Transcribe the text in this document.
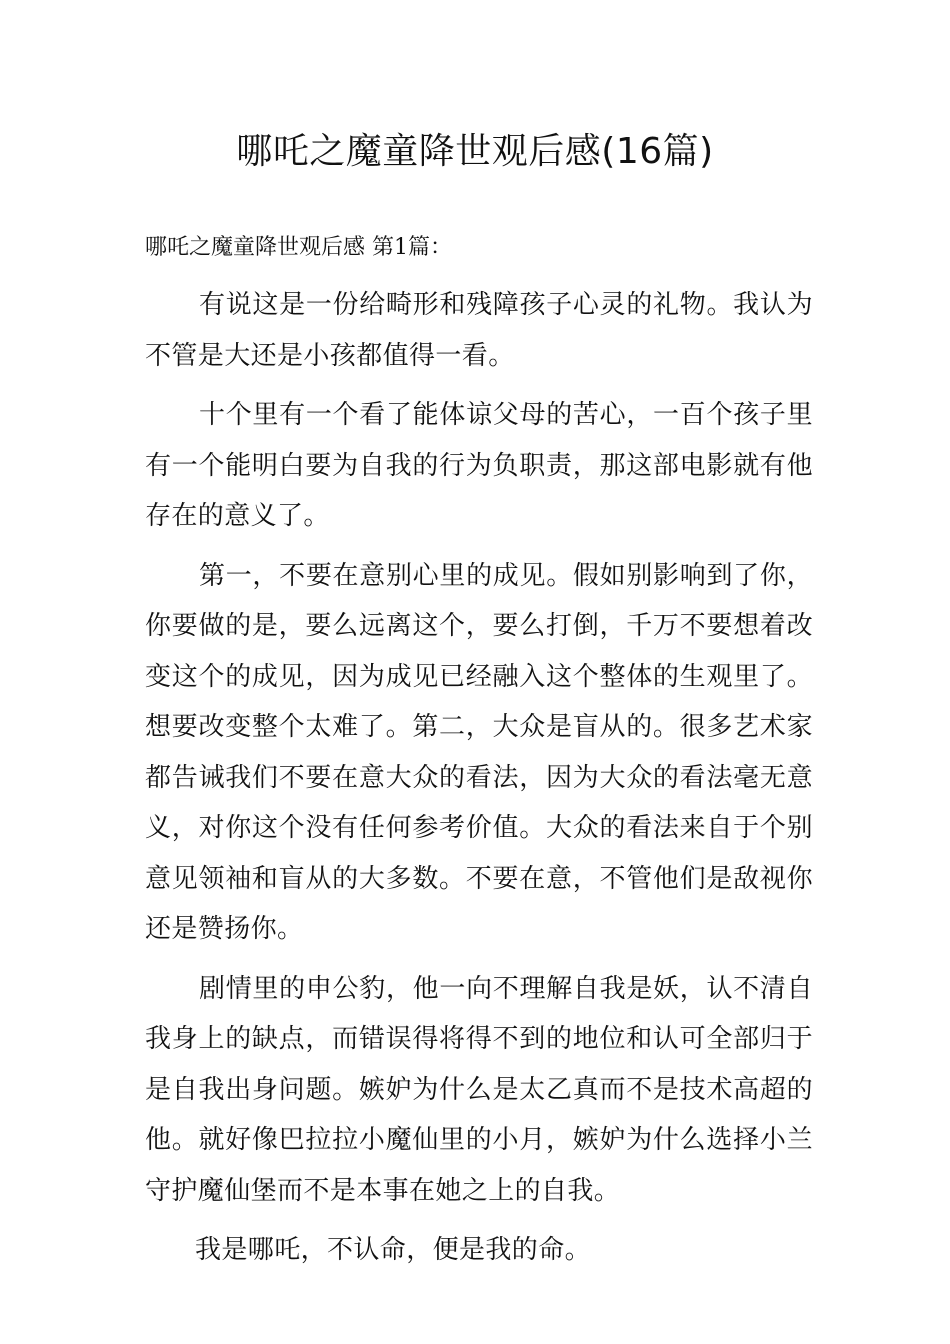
哪吒之魔童降世观后感(16篇)

哪吒之魔童降世观后感 第1篇：

有说这是一份给畸形和残障孩子心灵的礼物。我认为不管是大还是小孩都值得一看。

十个里有一个看了能体谅父母的苦心，一百个孩子里有一个能明白要为自我的行为负职责，那这部电影就有他存在的意义了。

第一，不要在意别心里的成见。假如别影响到了你，你要做的是，要么远离这个，要么打倒，千万不要想着改变这个的成见，因为成见已经融入这个整体的生观里了。想要改变整个太难了。第二，大众是盲从的。很多艺术家都告诫我们不要在意大众的看法，因为大众的看法毫无意义，对你这个没有任何参考价值。大众的看法来自于个别意见领袖和盲从的大多数。不要在意，不管他们是敌视你还是赞扬你。

剧情里的申公豹，他一向不理解自我是妖，认不清自我身上的缺点，而错误得将得不到的地位和认可全部归于是自我出身问题。嫉妒为什么是太乙真而不是技术高超的他。就好像巴拉拉小魔仙里的小月，嫉妒为什么选择小兰守护魔仙堡而不是本事在她之上的自我。

我是哪吒，不认命，便是我的命。
